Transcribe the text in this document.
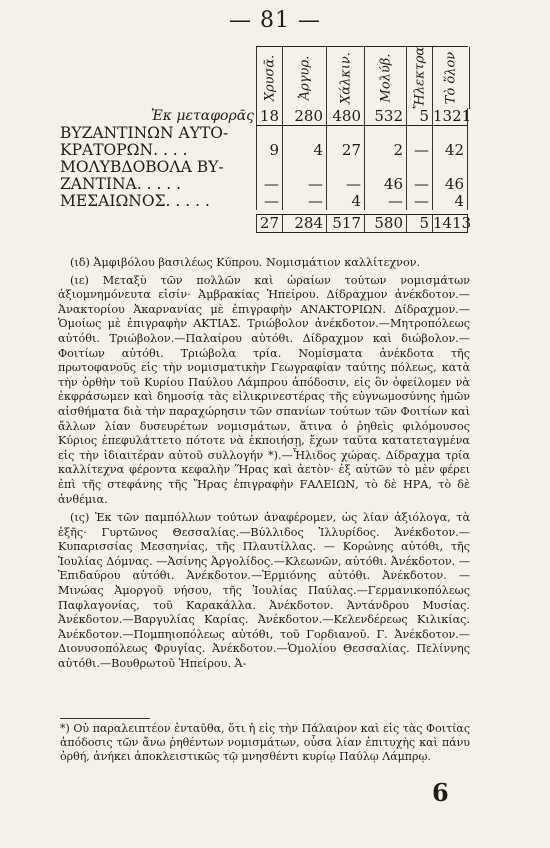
— 81 —
Χρυσᾶ. Ἀργυρ. Χάλκιν. Μολύβ. Ἤλεκτρα Τὸ ὅλον
Ἐκ μεταφορᾶς 18	280 480 532	5 1321
ΒΥΖΑΝΤΙΝΩΝ ΑΥΤΟ-
ΚΡΑΤΟΡΩΝ. . . .	9	4	27	2 —	42
ΜΟΛΥΒΔΟΒΟΛΑ ΒΥ-
ΖΑΝΤΙΝΑ. . . . .	—	—	—	46 —	46
ΜΕΣΑΙΩΝΟΣ. . . . .	—	—	4	— —	4
27	284 517 580	5 1413

(ιδ) Ἀμφιβόλου βασιλέως Κύπρου. Νομισμάτιον καλλίτεχνον.

(ιε) Μεταξὺ τῶν πολλῶν καὶ ὡραίων τούτων νομισμάτων ἀξιομνημόνευτα εἰσίν· Ἀμβρακίας Ἠπείρου. Δίδραχμον ἀνέκδοτον.—Ἀνακτορίου Ἀκαρνανίας μὲ ἐπιγραφὴν ΑΝΑΚΤΟΡΙΩΝ. Δίδραχμον.—Ὁμοίως μὲ ἐπιγραφὴν ΑΚΤΙΑΣ. Τριώβολον ἀνέκδοτον.—Μητροπόλεως αὐτόθι. Τριώβολον.—Παλαίρου αὐτόθι. Δίδραχμον καὶ διώβολον.—Φοιτίων αὐτόθι. Τριώβολα τρία. Νομίσματα ἀνέκδοτα τῆς πρωτοφανοῦς εἰς τὴν νομισματικὴν Γεωγραφίαν ταύτης πόλεως, κατὰ τὴν ὀρθὴν τοῦ Κυρίου Παύλου Λάμπρου ἀπόδοσιν, εἰς ὃν ὀφείλομεν νὰ ἐκφράσωμεν καὶ δημοσίᾳ τὰς εἰλικρινεστέρας τῆς εὐγνωμοσύνης ἡμῶν αἰσθήματα διὰ τὴν παραχώρησιν τῶν σπανίων τούτων τῶν Φοιτίων καὶ ἄλλων λίαν δυσευρέτων νομισμάτων, ἅτινα ὁ ῥηθεὶς φιλόμουσος Κύριος ἐπεφυλάττετο πότοτε νὰ ἐκποιήσῃ, ἔχων ταῦτα κατατεταγμένα εἰς τὴν ἰδιαιτέραν αὐτοῦ συλλογήν *).—Ἦλιδος χώρας. Δίδραχμα τρία καλλίτεχνα φέροντα κεφαλὴν Ἥρας καὶ ἀετὸν· ἐξ αὐτῶν τὸ μὲν φέρει ἐπὶ τῆς στεφάνης τῆς Ἥρας ἐπιγραφὴν FΑΛΕΙΩΝ, τὸ δὲ ΗΡΑ, τὸ δὲ ἀνθέμια.

(ις) Ἐκ τῶν παμπόλλων τούτων ἀναφέρομεν, ὡς λίαν ἀξιόλογα, τὰ ἑξῆς· Γυρτῶνος Θεσσαλίας.—Βύλλιδος Ἰλλυρίδος. Ἀνέκδοτον.—Κυπαρισσίας Μεσσηνίας, τῆς Πλαυτίλλας. — Κορώνης αὐτόθι, τῆς Ἰουλίας Δόμνας. —Ἀσίνης Ἀργολίδος.—Κλεωνῶν, αὐτόθι. Ἀνέκδοτον. — Ἐπιδαύρου αὐτόθι. Ἀνέκδοτον.—Ἑρμιόνης αὐτόθι. Ἀνέκδοτον. — Μινώας Ἀμοργοῦ νήσου, τῆς Ἰουλίας Παύλας.—Γερμανικοπόλεως Παφλαγονίας, τοῦ Καρακάλλα. Ἀνέκδοτον. Ἀντάνδρου Μυσίας. Ἀνέκδοτον.—Βαργυλίας Καρίας. Ἀνέκδοτον.—Κελενδέρεως Κιλικίας. Ἀνέκδοτον.—Πομπηιοπόλεως αὐτόθι, τοῦ Γορδιανοῦ. Γ. Ἀνέκδοτον.—Διονυσοπόλεως Φρυγίας. Ἀνέκδοτον.—Ὁμολίου Θεσσαλίας. Πελίννης αὐτόθι.—Βουθρωτοῦ Ἠπείρου. Ἀ-

*) Οὐ παραλειπτέον ἐνταῦθα, ὅτι ἡ εἰς τὴν Πάλαιρον καὶ εἰς τὰς Φοιτίας ἀπόδοσις τῶν ἄνω ῥηθέντων νομισμάτων, οὖσα λίαν ἐπιτυχὴς καὶ πάνυ ὀρθή, ἀνήκει ἀποκλειστικῶς τῷ μνησθέντι κυρίῳ Παύλῳ Λάμπρῳ.
6
